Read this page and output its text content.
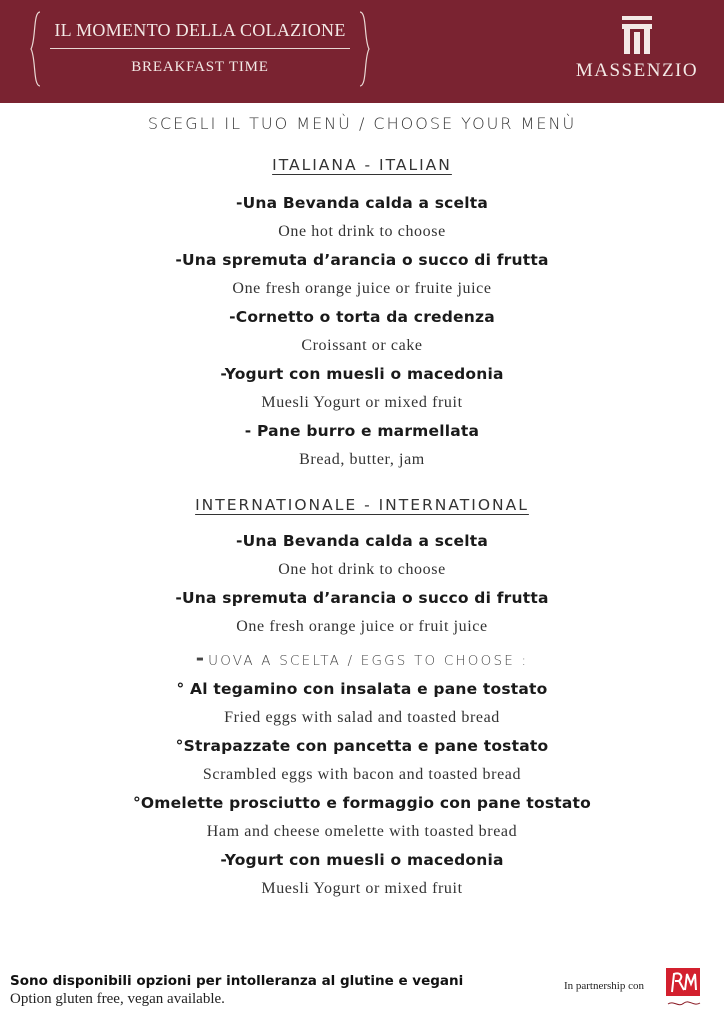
IL MOMENTO DELLA COLAZIONE
BREAKFAST TIME	MASSENZIO
SCEGLI IL TUO MENÙ / CHOOSE YOUR MENÙ
ITALIANA - ITALIAN
-Una Bevanda calda a scelta
One hot drink to choose
-Una spremuta d’arancia o succo di frutta
One fresh orange juice or fruite juice
-Cornetto o torta da credenza
Croissant or cake
-Yogurt con muesli o macedonia
Muesli Yogurt or mixed fruit
- Pane burro e marmellata
Bread, butter, jam
INTERNATIONALE - INTERNATIONAL
-Una Bevanda calda a scelta
One hot drink to choose
-Una spremuta d’arancia o succo di frutta
One fresh orange juice or fruit juice
-UOVA A SCELTA / EGGS TO CHOOSE :
° Al tegamino con insalata e pane tostato
Fried eggs with salad and toasted bread
°Strapazzate con pancetta e pane tostato
Scrambled eggs with bacon and toasted bread
°Omelette prosciutto e formaggio con pane tostato
Ham and cheese omelette with toasted bread
-Yogurt con muesli o macedonia
Muesli Yogurt or mixed fruit
Sono disponibili opzioni per intolleranza al glutine e vegani
Option gluten free, vegan available.
In partnership con
